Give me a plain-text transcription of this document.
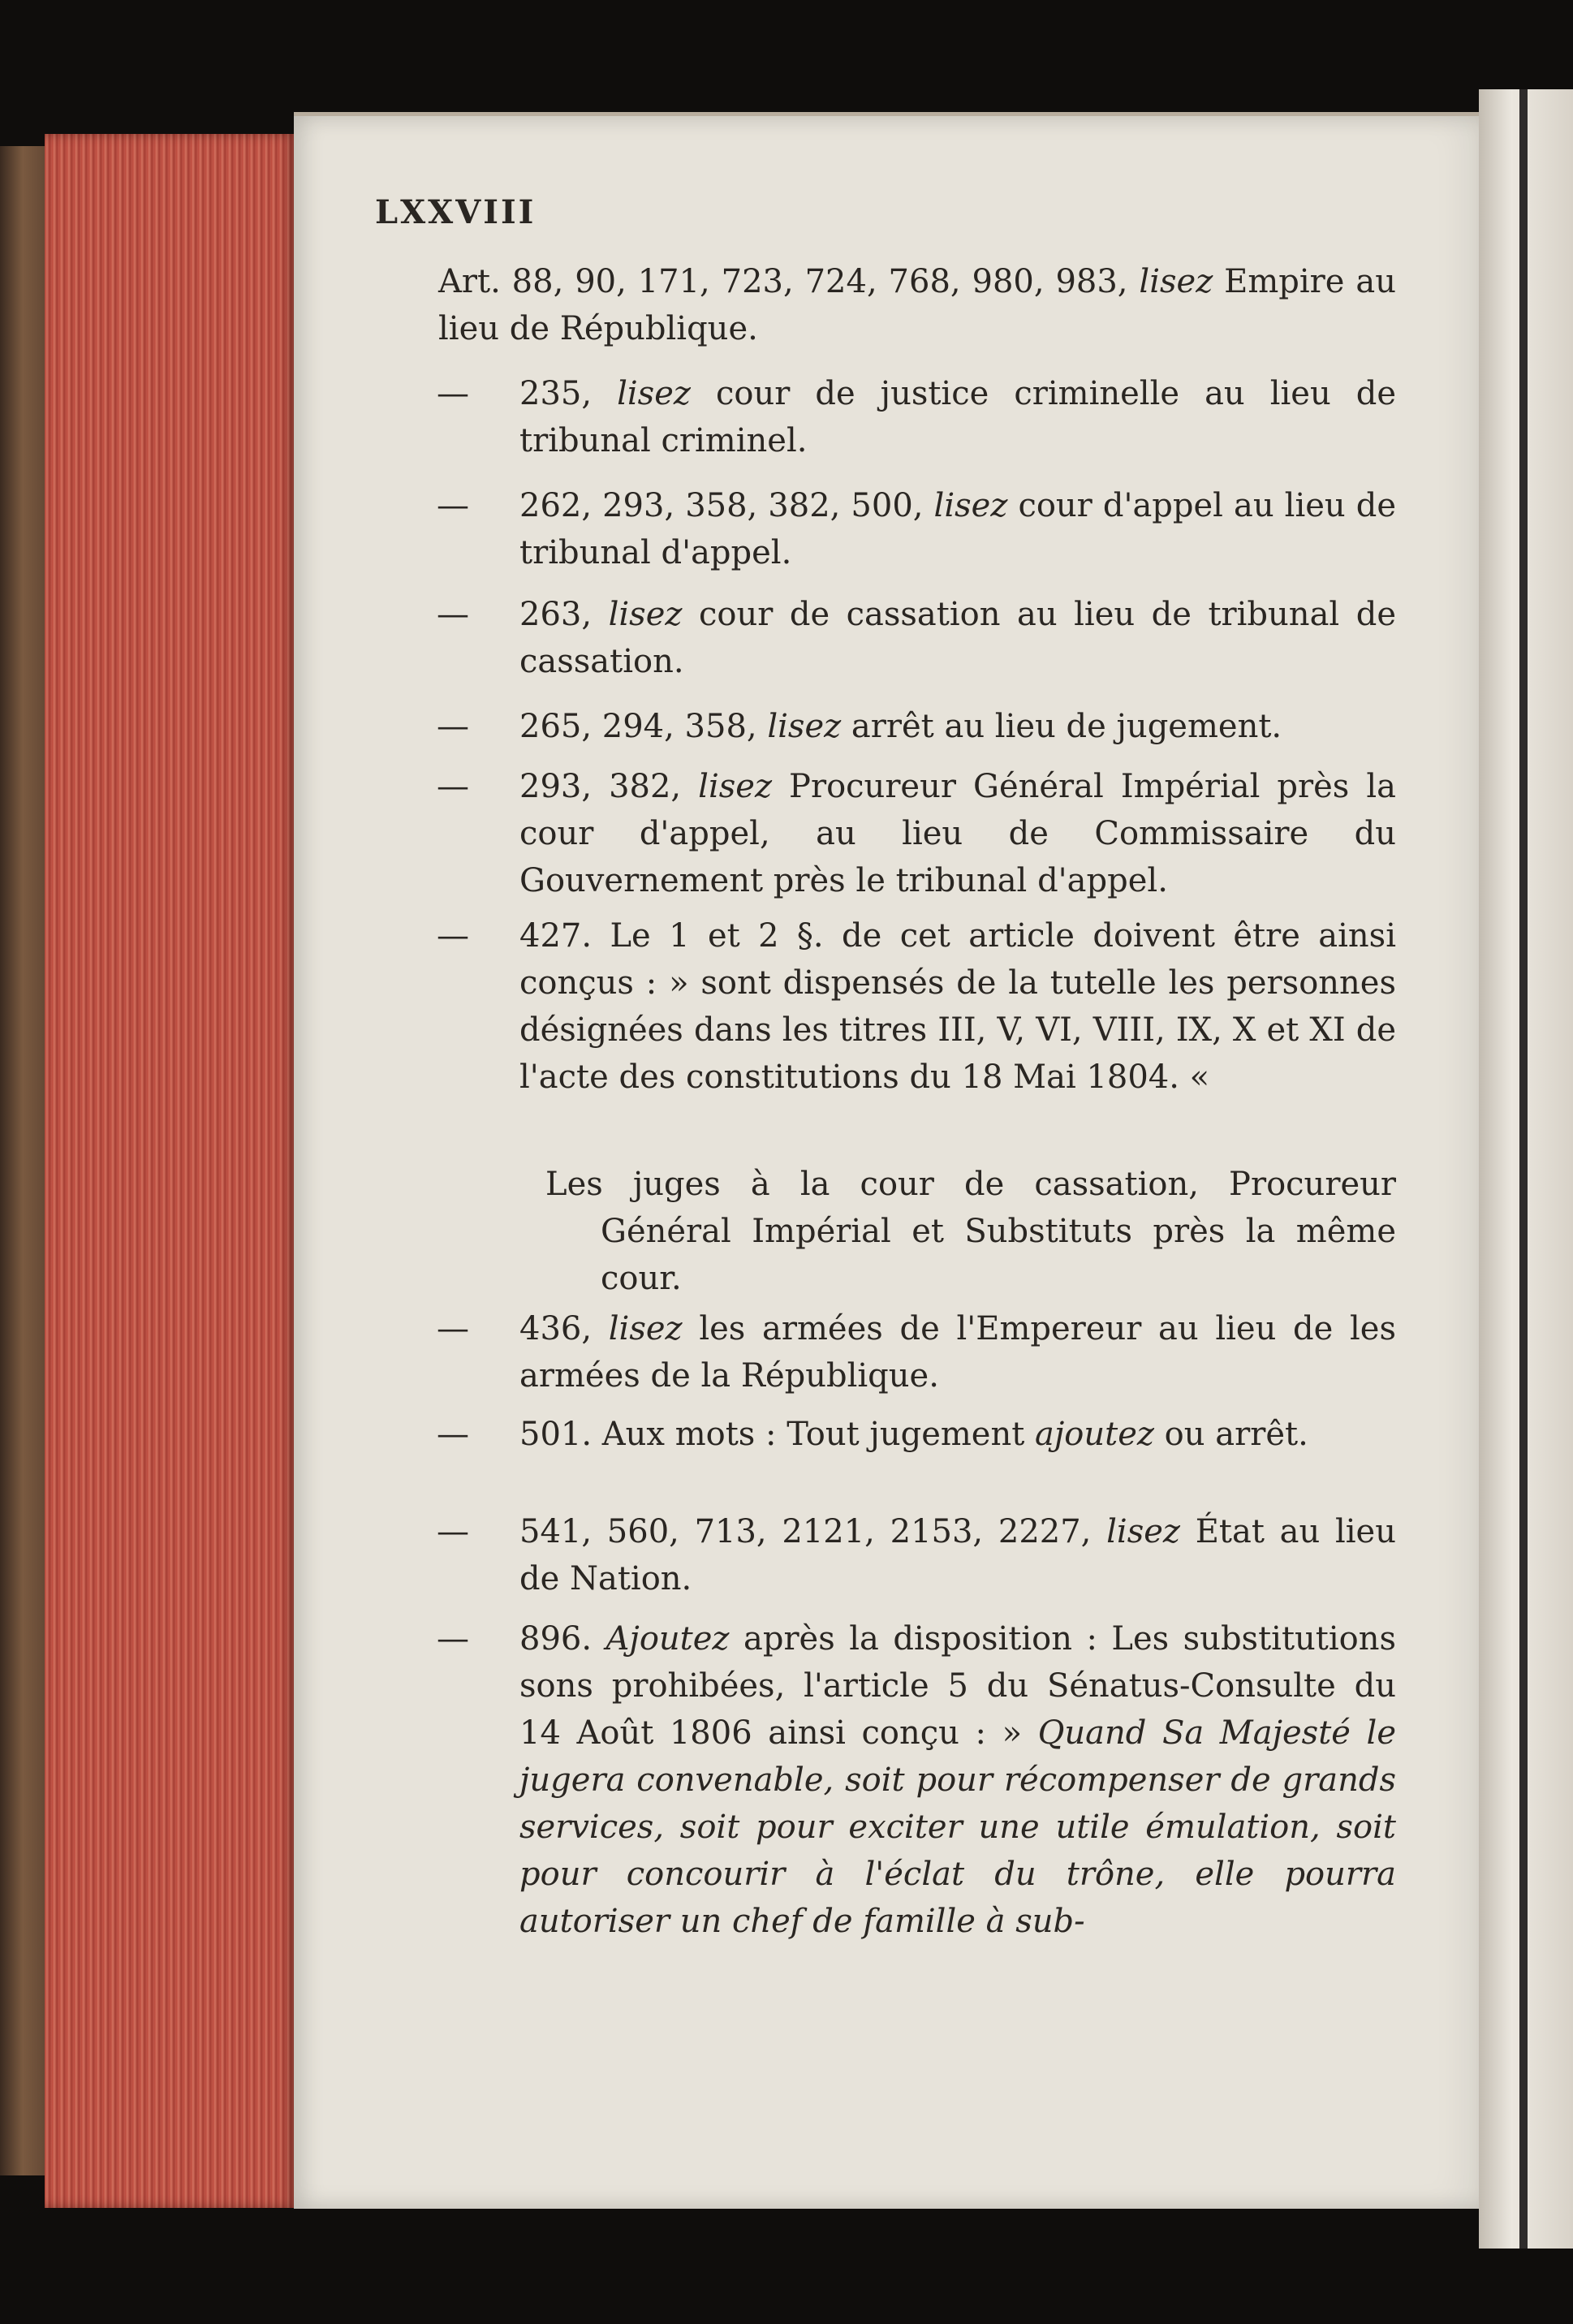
LXXVIII

Art. 88, 90, 171, 723, 724, 768, 980, 983, lisez Empire au lieu de République.

—	235, lisez cour de justice criminelle au lieu de tribunal criminel.

—	262, 293, 358, 382, 500, lisez cour d'appel au lieu de tribunal d'appel.

—	263, lisez cour de cassation au lieu de tribunal de cassation.

—	265, 294, 358, lisez arrêt au lieu de jugement.

—	293, 382, lisez Procureur Général Impérial près la cour d'appel, au lieu de Commissaire du Gouvernement près le tribunal d'appel.

—	427. Le 1 et 2 §. de cet article doivent être ainsi conçus : » sont dispensés de la tutelle les personnes désignées dans les titres III, V, VI, VIII, IX, X et XI de l'acte des constitutions du 18 Mai 1804. «

Les juges à la cour de cassation, Procureur Général Impérial et Substituts près la même cour.

—	436, lisez les armées de l'Empereur au lieu de les armées de la République.

—	501. Aux mots : Tout jugement ajoutez ou arrêt.

—	541, 560, 713, 2121, 2153, 2227, lisez État au lieu de Nation.

—	896. Ajoutez après la disposition : Les substitutions sons prohibées, l'article 5 du Sénatus-Consulte du 14 Août 1806 ainsi conçu : » Quand Sa Majesté le jugera convenable, soit pour récompenser de grands services, soit pour exciter une utile émulation, soit pour concourir à l'éclat du trône, elle pourra autoriser un chef de famille à sub-
